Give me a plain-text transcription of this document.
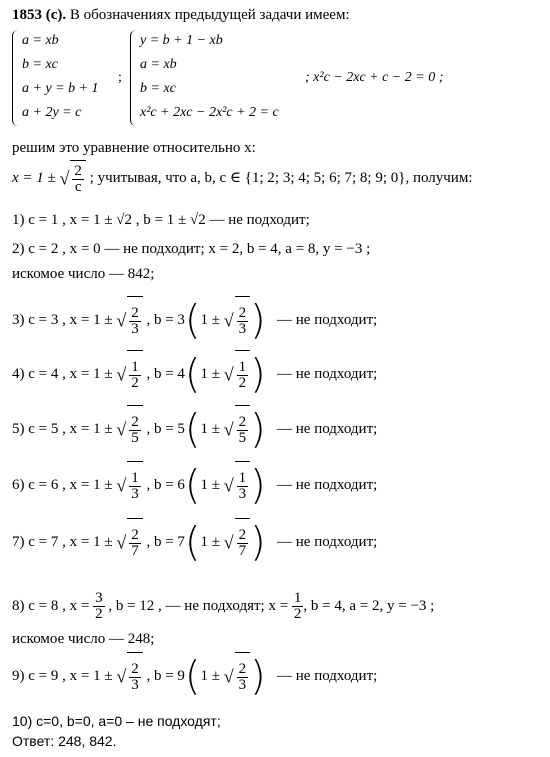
1853 (с). В обозначениях предыдущей задачи имеем:
a = xb
b = xc
a + y = b + 1
a + 2y = c
;
y = b + 1 − xb
a = xb
b = xc
x²c + 2xc − 2x²c + 2 = c
; x²c − 2xc + c − 2 = 0 ;
решим это уравнение относительно x:
x = 1 ± √ $\frac{2}{c}$ ; учитывая, что a, b, c ∈ {1; 2; 3; 4; 5; 6; 7; 8; 9; 0}, получим:
1) c = 1 , x = 1 ± √2 , b = 1 ± √2 — не подходит;
2) c = 2 , x = 0 — не подходит; x = 2, b = 4, a = 8, y = −3 ;
искомое число — 842;
3) c = 3 , x = 1 ± √ $\frac{2}{3}$ , b = 3(1 ± √ $\frac{2}{3}$ ) — не подходит;
4) c = 4 , x = 1 ± √ $\frac{1}{2}$ , b = 4(1 ± √ $\frac{1}{2}$ ) — не подходит;
5) c = 5 , x = 1 ± √ $\frac{2}{5}$ , b = 5(1 ± √ $\frac{2}{5}$ ) — не подходит;
6) c = 6 , x = 1 ± √ $\frac{1}{3}$ , b = 6(1 ± √ $\frac{1}{3}$ ) — не подходит;
7) c = 7 , x = 1 ± √ $\frac{2}{7}$ , b = 7(1 ± √ $\frac{2}{7}$ ) — не подходит;
8) c = 8 , $x = \frac{3}{2}$ , b = 12 , — не подходят; $x = \frac{1}{2}$ , b = 4, a = 2, y = −3 ;
искомое число — 248;
9) c = 9 , x = 1 ± √ $\frac{2}{3}$ , b = 9(1 ± √ $\frac{2}{3}$ ) — не подходит;
10) c=0, b=0, a=0 – не подходят;
Ответ: 248, 842.
